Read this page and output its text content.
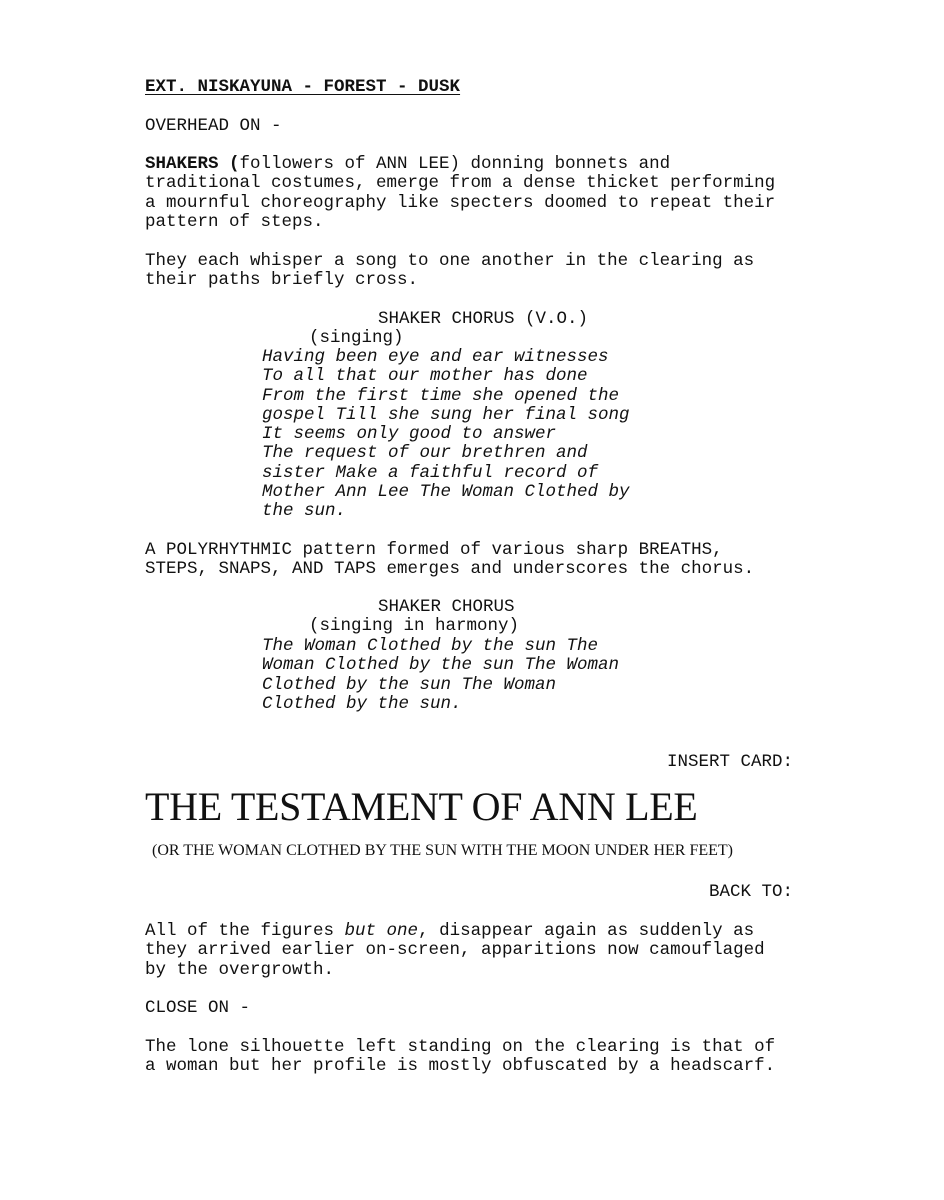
EXT. NISKAYUNA - FOREST - DUSK
OVERHEAD ON -
SHAKERS (followers of ANN LEE) donning bonnets and
traditional costumes, emerge from a dense thicket performing
a mournful choreography like specters doomed to repeat their
pattern of steps.
They each whisper a song to one another in the clearing as
their paths briefly cross.
SHAKER CHORUS (V.O.)
(singing)
Having been eye and ear witnesses
To all that our mother has done
From the first time she opened the
gospel Till she sung her final song
It seems only good to answer
The request of our brethren and
sister Make a faithful record of
Mother Ann Lee The Woman Clothed by
the sun.
A POLYRHYTHMIC pattern formed of various sharp BREATHS,
STEPS, SNAPS, AND TAPS emerges and underscores the chorus.
SHAKER CHORUS
(singing in harmony)
The Woman Clothed by the sun The
Woman Clothed by the sun The Woman
Clothed by the sun The Woman
Clothed by the sun.
INSERT CARD:
THE TESTAMENT OF ANN LEE
(OR THE WOMAN CLOTHED BY THE SUN WITH THE MOON UNDER HER FEET)
BACK TO:
All of the figures but one, disappear again as suddenly as
they arrived earlier on-screen, apparitions now camouflaged
by the overgrowth.
CLOSE ON -
The lone silhouette left standing on the clearing is that of
a woman but her profile is mostly obfuscated by a headscarf.
